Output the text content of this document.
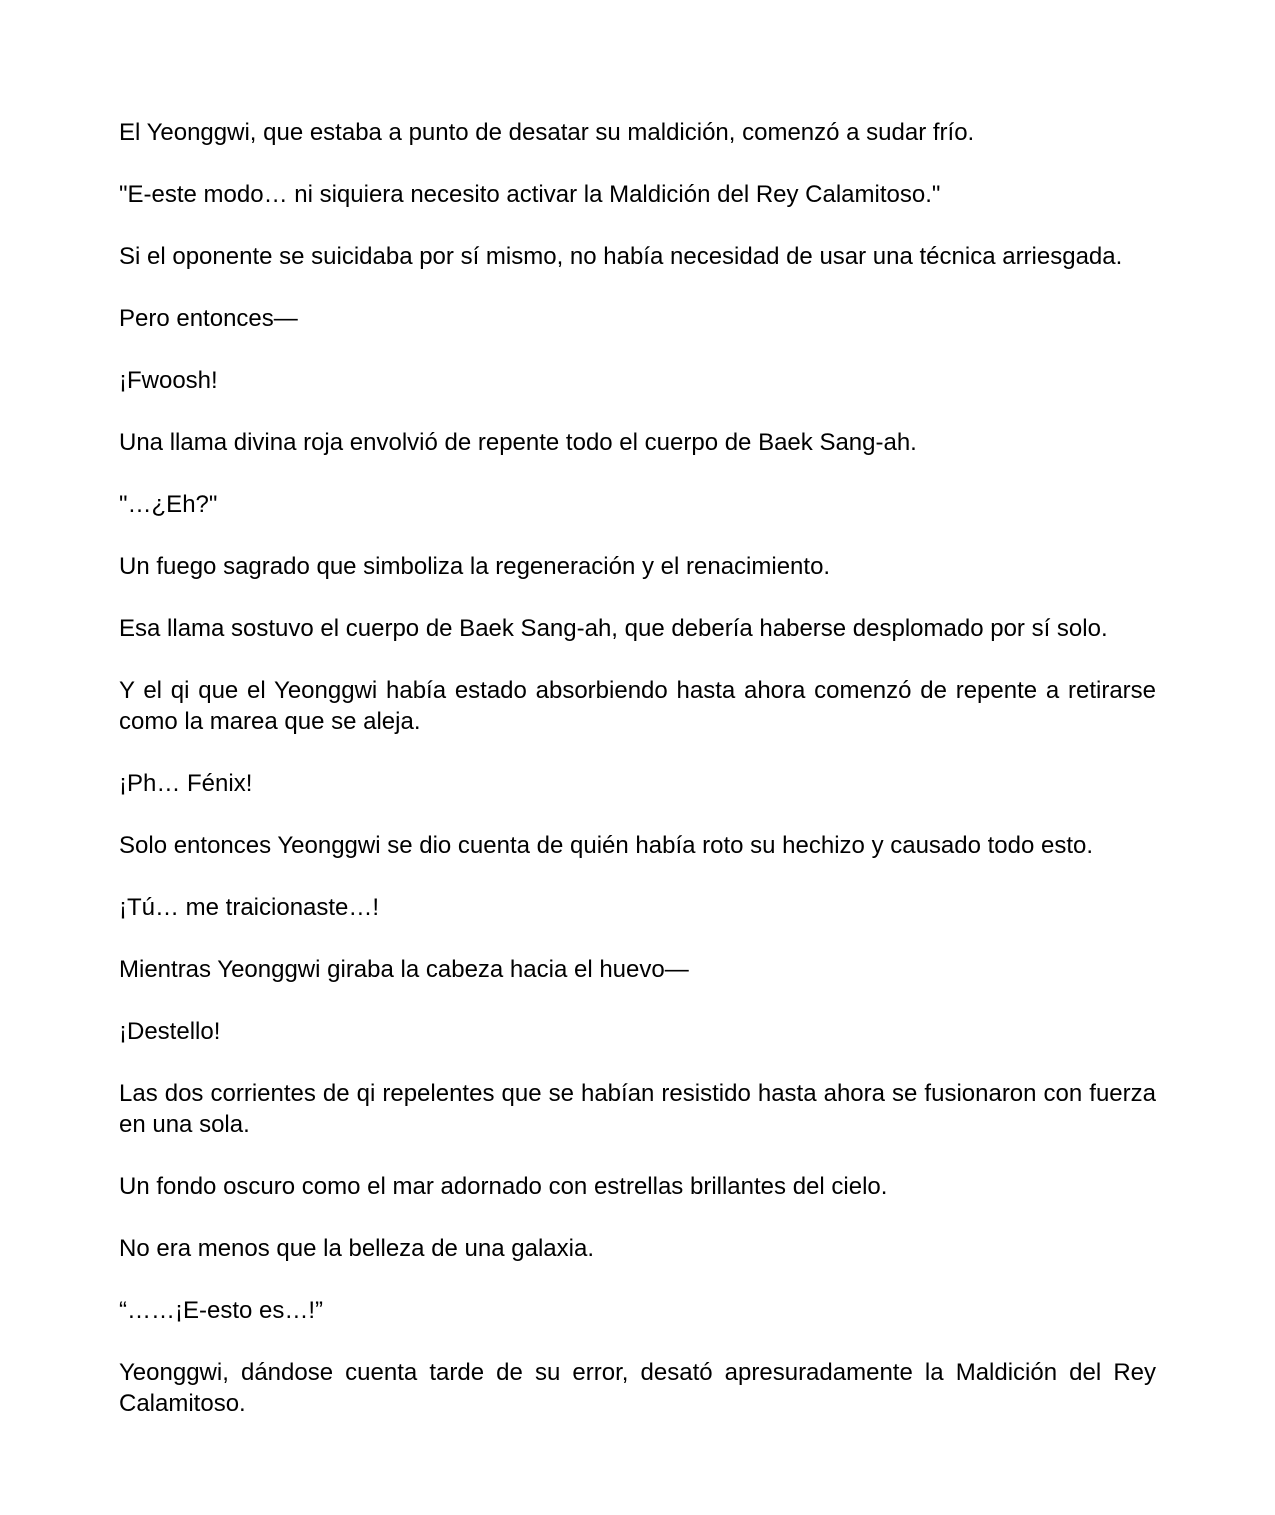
El Yeonggwi, que estaba a punto de desatar su maldición, comenzó a sudar frío.

"E-este modo… ni siquiera necesito activar la Maldición del Rey Calamitoso."

Si el oponente se suicidaba por sí mismo, no había necesidad de usar una técnica arriesgada.

Pero entonces—

¡Fwoosh!

Una llama divina roja envolvió de repente todo el cuerpo de Baek Sang-ah.

"…¿Eh?"

Un fuego sagrado que simboliza la regeneración y el renacimiento.

Esa llama sostuvo el cuerpo de Baek Sang-ah, que debería haberse desplomado por sí solo.

Y el qi que el Yeonggwi había estado absorbiendo hasta ahora comenzó de repente a retirarse como la marea que se aleja.

¡Ph… Fénix!

Solo entonces Yeonggwi se dio cuenta de quién había roto su hechizo y causado todo esto.

¡Tú… me traicionaste…!

Mientras Yeonggwi giraba la cabeza hacia el huevo—

¡Destello!

Las dos corrientes de qi repelentes que se habían resistido hasta ahora se fusionaron con fuerza en una sola.

Un fondo oscuro como el mar adornado con estrellas brillantes del cielo.

No era menos que la belleza de una galaxia.

“……¡E-esto es…!”

Yeonggwi, dándose cuenta tarde de su error, desató apresuradamente la Maldición del Rey Calamitoso.
